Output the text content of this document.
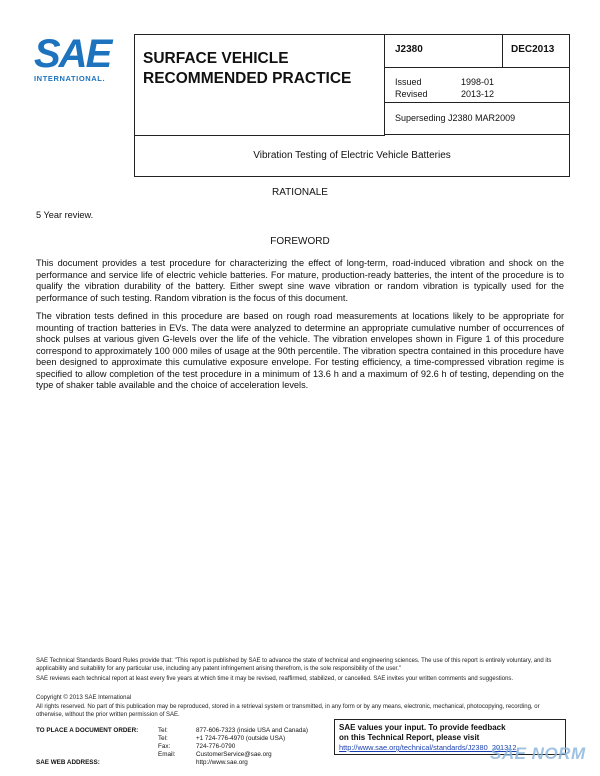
SAE
INTERNATIONAL.
SURFACE VEHICLE
RECOMMENDED PRACTICE
J2380	DEC2013
Issued	1998-01
Revised	2013-12
Superseding J2380 MAR2009
Vibration Testing of Electric Vehicle Batteries
RATIONALE
5 Year review.
FOREWORD
This document provides a test procedure for characterizing the effect of long-term, road-induced vibration and shock on the performance and service life of electric vehicle batteries. For mature, production-ready batteries, the intent of the procedure is to qualify the vibration durability of the battery. Either swept sine wave vibration or random vibration is typically used for the performance of such testing. Random vibration is the focus of this document.
The vibration tests defined in this procedure are based on rough road measurements at locations likely to be appropriate for mounting of traction batteries in EVs. The data were analyzed to determine an appropriate cumulative number of occurrences of shock pulses at various given G-levels over the life of the vehicle. The vibration envelopes shown in Figure 1 of this procedure correspond to approximately 100 000 miles of usage at the 90th percentile. The vibration spectra contained in this procedure have been designed to approximate this cumulative exposure envelope. For testing efficiency, a time-compressed vibration regime is specified to allow completion of the test procedure in a minimum of 13.6 h and a maximum of 92.6 h of testing, depending on the type of shaker table available and the choice of acceleration levels.
SAE Technical Standards Board Rules provide that: "This report is published by SAE to advance the state of technical and engineering sciences. The use of this report is entirely voluntary, and its applicability and suitability for any particular use, including any patent infringement arising therefrom, is the sole responsibility of the user."
SAE reviews each technical report at least every five years at which time it may be revised, reaffirmed, stabilized, or cancelled. SAE invites your written comments and suggestions.
Copyright © 2013 SAE International
All rights reserved. No part of this publication may be reproduced, stored in a retrieval system or transmitted, in any form or by any means, electronic, mechanical, photocopying, recording, or otherwise, without the prior written permission of SAE.
TO PLACE A DOCUMENT ORDER:	Tel:	877-606-7323 (inside USA and Canada)
Tel:	+1 724-776-4970 (outside USA)
Fax:	724-776-0790
Email:	CustomerService@sae.org
SAE WEB ADDRESS:	http://www.sae.org
SAE values your input. To provide feedback
on this Technical Report, please visit
http://www.sae.org/technical/standards/J2380_201312
SAE NORM
